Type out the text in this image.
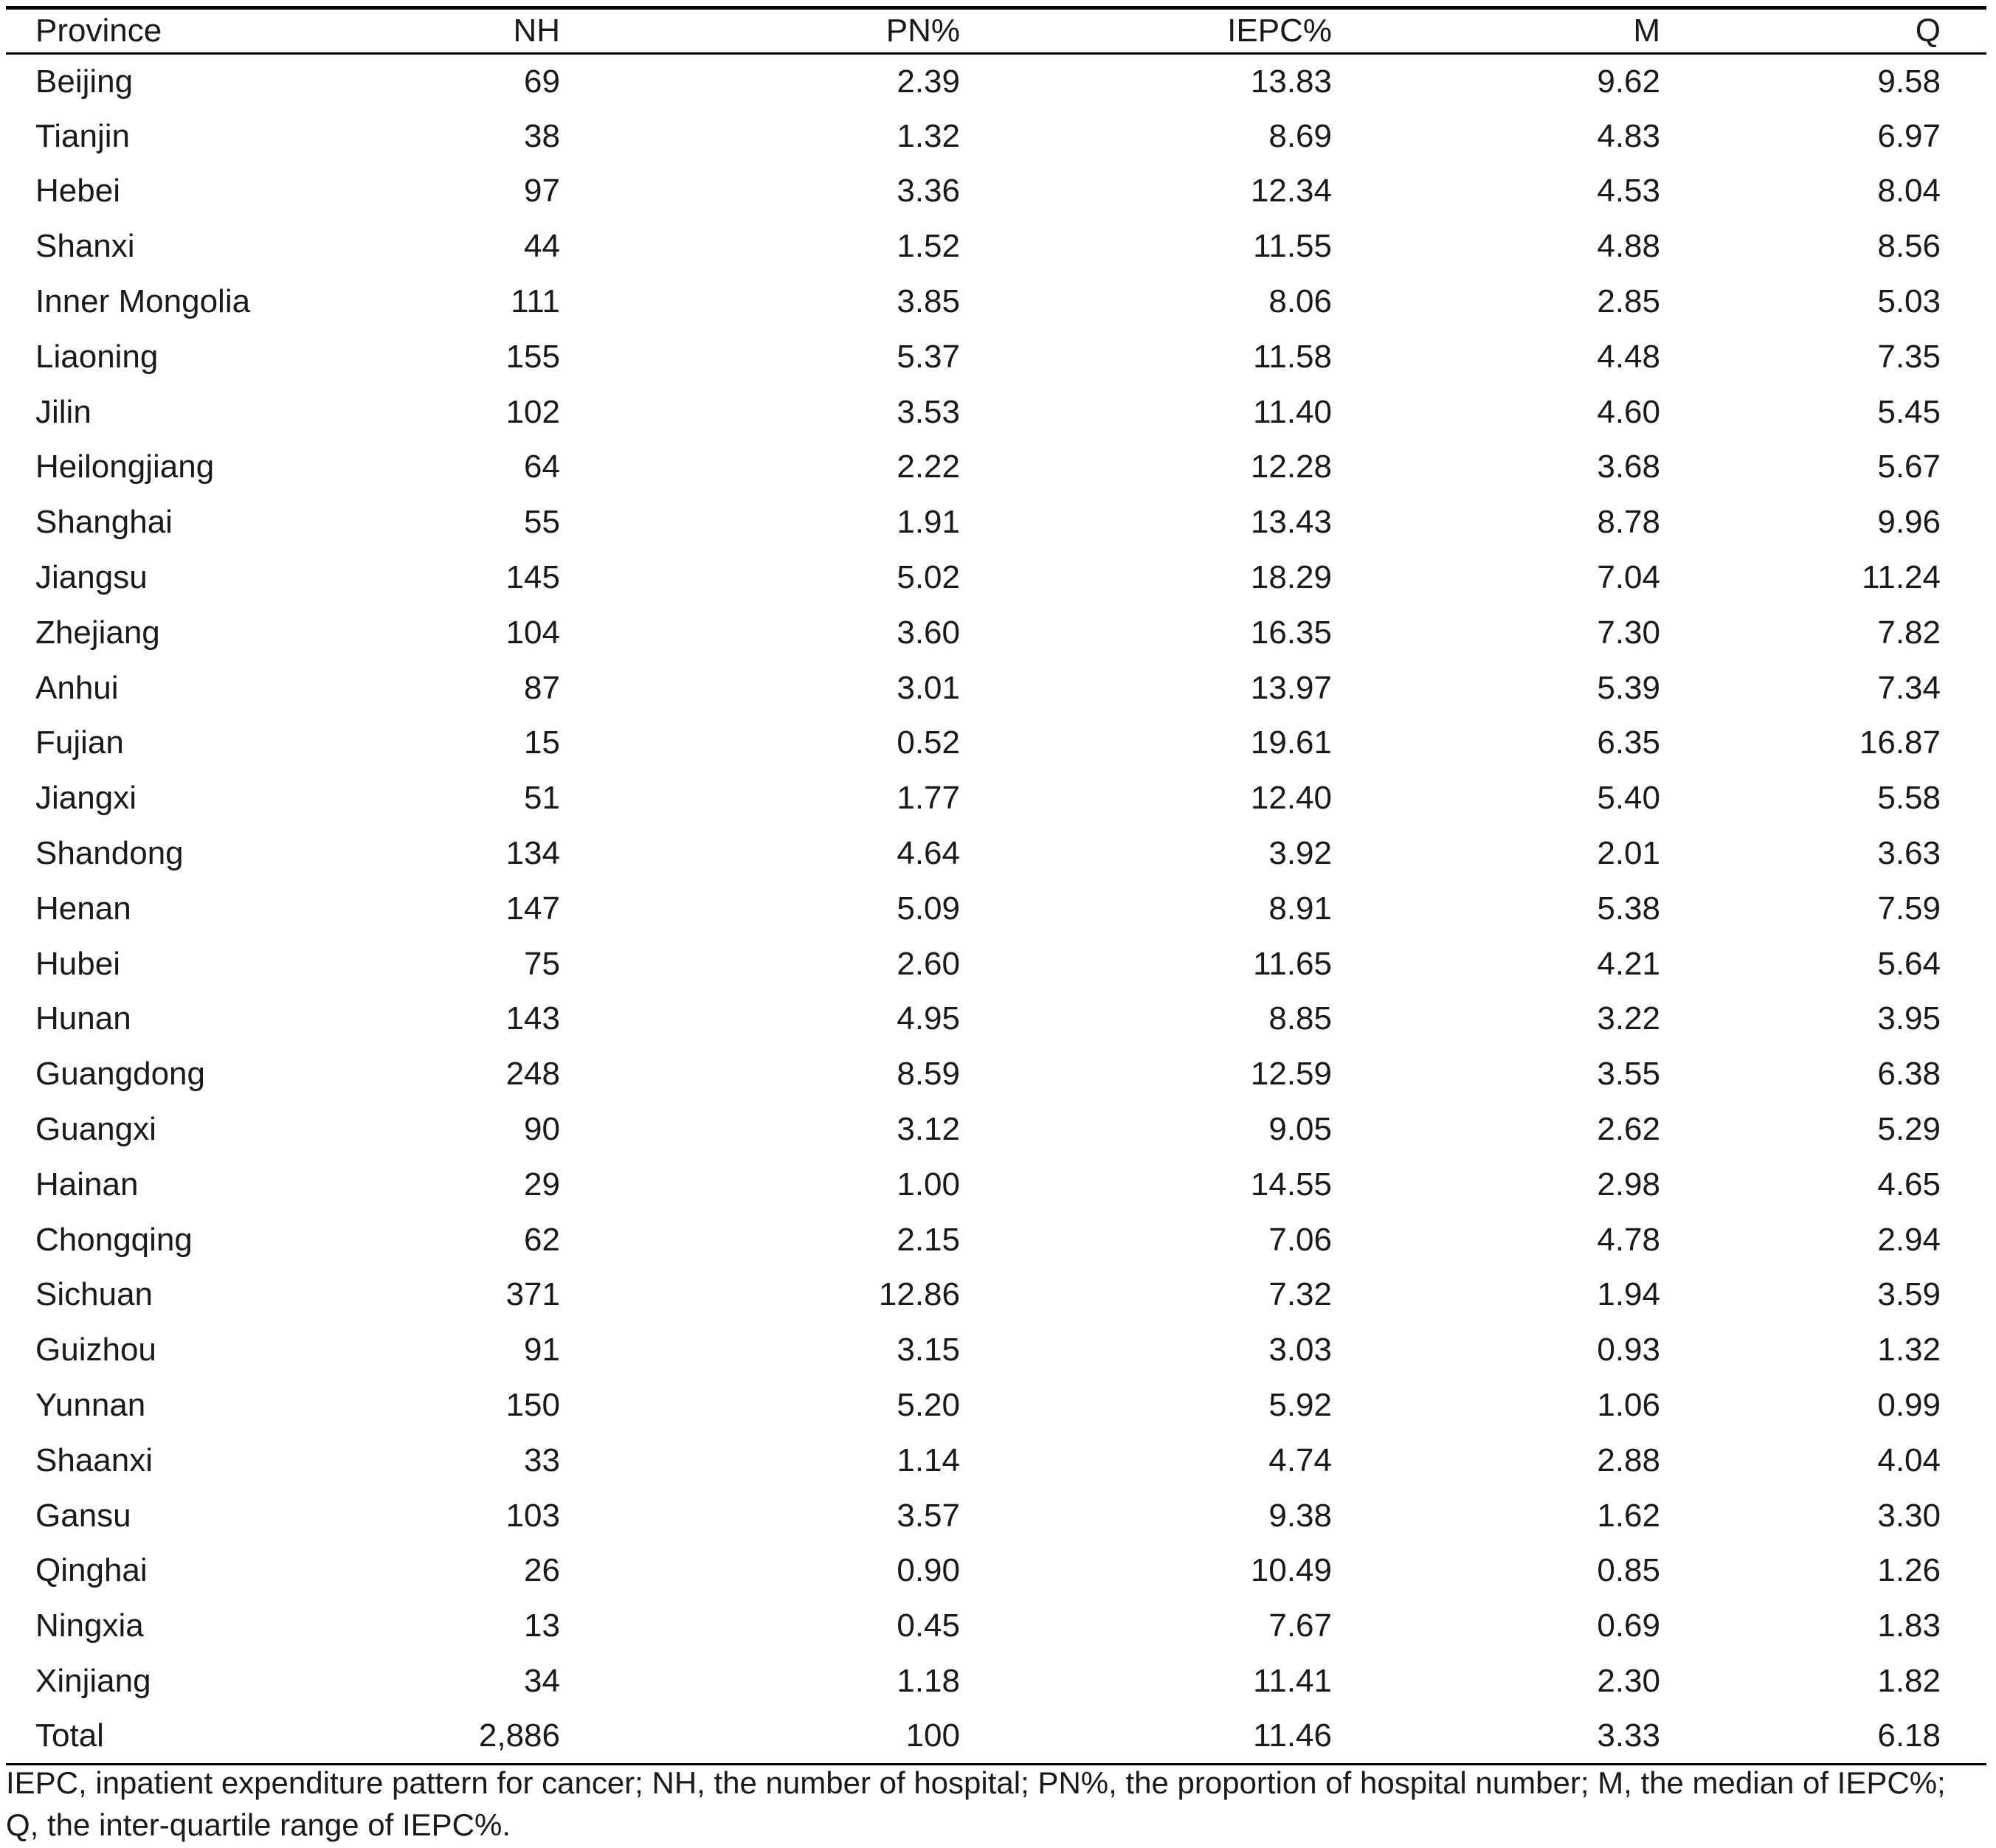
Province	NH	PN%	IEPC%	M	Q
Beijing	69	2.39	13.83	9.62	9.58
Tianjin	38	1.32	8.69	4.83	6.97
Hebei	97	3.36	12.34	4.53	8.04
Shanxi	44	1.52	11.55	4.88	8.56
Inner Mongolia	111	3.85	8.06	2.85	5.03
Liaoning	155	5.37	11.58	4.48	7.35
Jilin	102	3.53	11.40	4.60	5.45
Heilongjiang	64	2.22	12.28	3.68	5.67
Shanghai	55	1.91	13.43	8.78	9.96
Jiangsu	145	5.02	18.29	7.04	11.24
Zhejiang	104	3.60	16.35	7.30	7.82
Anhui	87	3.01	13.97	5.39	7.34
Fujian	15	0.52	19.61	6.35	16.87
Jiangxi	51	1.77	12.40	5.40	5.58
Shandong	134	4.64	3.92	2.01	3.63
Henan	147	5.09	8.91	5.38	7.59
Hubei	75	2.60	11.65	4.21	5.64
Hunan	143	4.95	8.85	3.22	3.95
Guangdong	248	8.59	12.59	3.55	6.38
Guangxi	90	3.12	9.05	2.62	5.29
Hainan	29	1.00	14.55	2.98	4.65
Chongqing	62	2.15	7.06	4.78	2.94
Sichuan	371	12.86	7.32	1.94	3.59
Guizhou	91	3.15	3.03	0.93	1.32
Yunnan	150	5.20	5.92	1.06	0.99
Shaanxi	33	1.14	4.74	2.88	4.04
Gansu	103	3.57	9.38	1.62	3.30
Qinghai	26	0.90	10.49	0.85	1.26
Ningxia	13	0.45	7.67	0.69	1.83
Xinjiang	34	1.18	11.41	2.30	1.82
Total	2,886	100	11.46	3.33	6.18
IEPC, inpatient expenditure pattern for cancer; NH, the number of hospital; PN%, the proportion of hospital number; M, the median of IEPC%; Q, the inter-quartile range of IEPC%.
